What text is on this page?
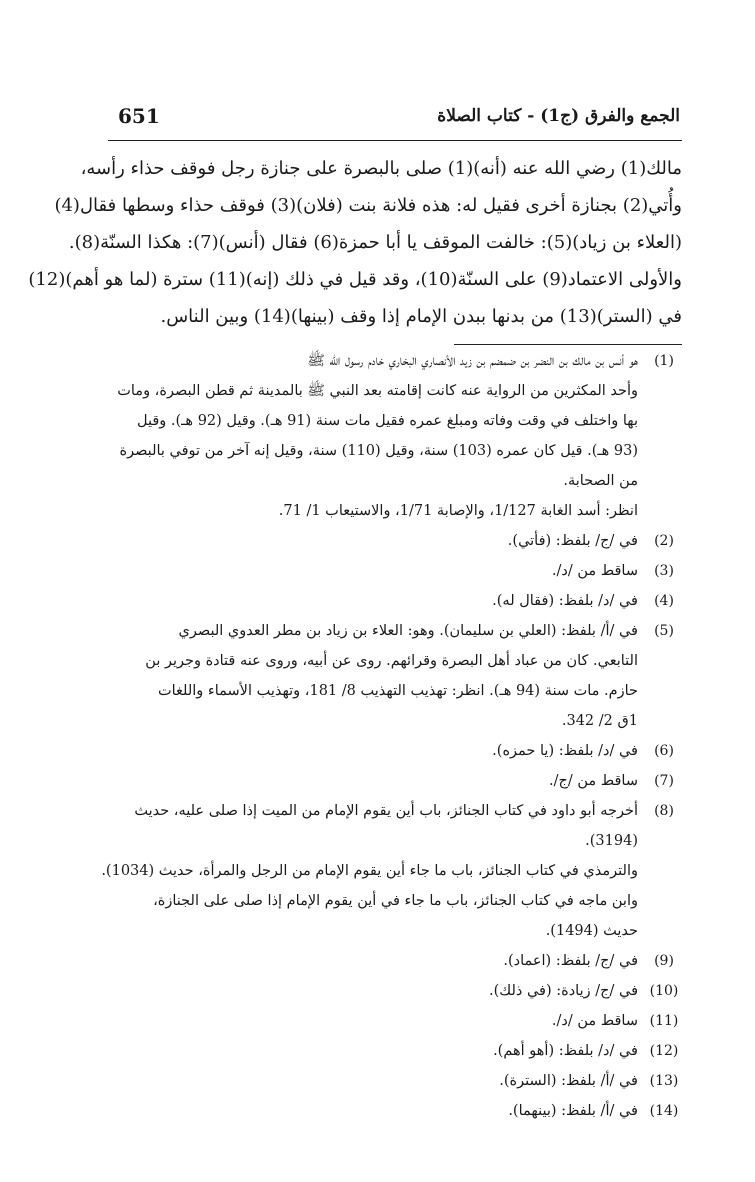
651	الجمع والفرق (ج1) - كتاب الصلاة
مالك(1) رضي الله عنه (أنه)(1) صلى بالبصرة على جنازة رجل فوقف حذاء رأسه،
وأُتي(2) بجنازة أخرى فقيل له: هذه فلانة بنت (فلان)(3) فوقف حذاء وسطها فقال(4)
(العلاء بن زياد)(5): خالفت الموقف يا أبا حمزة(6) فقال (أنس)(7): هكذا السنّة(8).
والأولى الاعتماد(9) على السنّة(10)، وقد قيل في ذلك (إنه)(11) سترة (لما هو أهم)(12)
في (الستر)(13) من بدنها ببدن الإمام إذا وقف (بينها)(14) وبين الناس.
(1)
هو أنس بن مالك بن النضر بن ضمضم بن زيد الأنصاري البخاري خادم رسول الله ﷺ
وأحد المكثرين من الرواية عنه كانت إقامته بعد النبي ﷺ بالمدينة ثم قطن البصرة، ومات
بها واختلف في وقت وفاته ومبلغ عمره فقيل مات سنة (91 هـ). وقيل (92 هـ). وقيل
(93 هـ). قيل كان عمره (103) سنة، وقيل (110) سنة، وقيل إنه آخر من توفي بالبصرة
من الصحابة.
انظر: أسد الغابة 1/127، والإصابة 1/71، والاستيعاب 1/ 71.
(2)
في /ج/ بلفظ: (فأتي).
(3)
ساقط من /د/.
(4)
في /د/ بلفظ: (فقال له).
(5)
في /أ/ بلفظ: (العلي بن سليمان). وهو: العلاء بن زياد بن مطر العدوي البصري
التابعي. كان من عباد أهل البصرة وقرائهم. روى عن أبيه، وروى عنه قتادة وجرير بن
حازم. مات سنة (94 هـ). انظر: تهذيب التهذيب 8/ 181، وتهذيب الأسماء واللغات
1ق 2/ 342.
(6)
في /د/ بلفظ: (يا حمزه).
(7)
ساقط من /ج/.
(8)
أخرجه أبو داود في كتاب الجنائز، باب أين يقوم الإمام من الميت إذا صلى عليه، حديث
(3194).
والترمذي في كتاب الجنائز، باب ما جاء أين يقوم الإمام من الرجل والمرأة، حديث (1034).
وابن ماجه في كتاب الجنائز، باب ما جاء في أين يقوم الإمام إذا صلى على الجنازة،
حديث (1494).
(9)
في /ج/ بلفظ: (اعماد).
(10)
في /ج/ زيادة: (في ذلك).
(11)
ساقط من /د/.
(12)
في /د/ بلفظ: (أهو أهم).
(13)
في /أ/ بلفظ: (السترة).
(14)
في /أ/ بلفظ: (بينهما).
